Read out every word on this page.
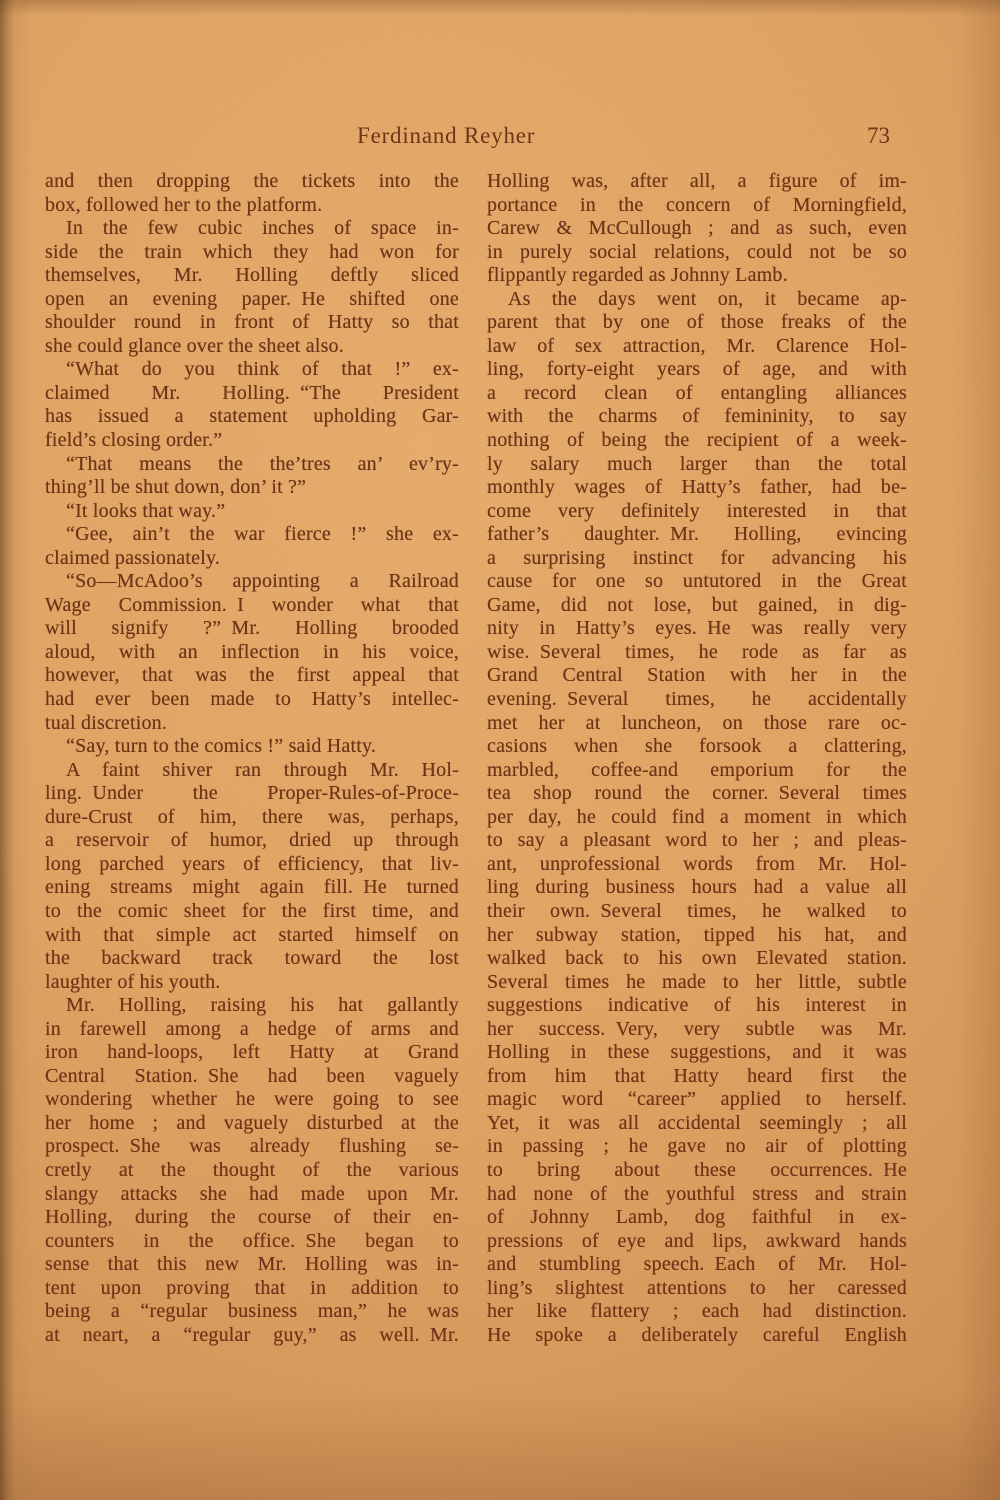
Ferdinand Reyher	73
and then dropping the tickets into the
box, followed her to the platform.
In the few cubic inches of space in-
side the train which they had won for
themselves, Mr. Holling deftly sliced
open an evening paper. He shifted one
shoulder round in front of Hatty so that
she could glance over the sheet also.
“What do you think of that !” ex-
claimed Mr. Holling. “The President
has issued a statement upholding Gar-
field’s closing order.”
“That means the the’tres an’ ev’ry-
thing’ll be shut down, don’ it ?”
“It looks that way.”
“Gee, ain’t the war fierce !” she ex-
claimed passionately.
“So—McAdoo’s appointing a Railroad
Wage Commission. I wonder what that
will signify ?” Mr. Holling brooded
aloud, with an inflection in his voice,
however, that was the first appeal that
had ever been made to Hatty’s intellec-
tual discretion.
“Say, turn to the comics !” said Hatty.
A faint shiver ran through Mr. Hol-
ling. Under the Proper-Rules-of-Proce-
dure-Crust of him, there was, perhaps,
a reservoir of humor, dried up through
long parched years of efficiency, that liv-
ening streams might again fill. He turned
to the comic sheet for the first time, and
with that simple act started himself on
the backward track toward the lost
laughter of his youth.
Mr. Holling, raising his hat gallantly
in farewell among a hedge of arms and
iron hand-loops, left Hatty at Grand
Central Station. She had been vaguely
wondering whether he were going to see
her home ; and vaguely disturbed at the
prospect. She was already flushing se-
cretly at the thought of the various
slangy attacks she had made upon Mr.
Holling, during the course of their en-
counters in the office. She began to
sense that this new Mr. Holling was in-
tent upon proving that in addition to
being a “regular business man,” he was
at neart, a “regular guy,” as well. Mr.
Holling was, after all, a figure of im-
portance in the concern of Morningfield,
Carew & McCullough ; and as such, even
in purely social relations, could not be so
flippantly regarded as Johnny Lamb.
As the days went on, it became ap-
parent that by one of those freaks of the
law of sex attraction, Mr. Clarence Hol-
ling, forty-eight years of age, and with
a record clean of entangling alliances
with the charms of femininity, to say
nothing of being the recipient of a week-
ly salary much larger than the total
monthly wages of Hatty’s father, had be-
come very definitely interested in that
father’s daughter. Mr. Holling, evincing
a surprising instinct for advancing his
cause for one so untutored in the Great
Game, did not lose, but gained, in dig-
nity in Hatty’s eyes. He was really very
wise. Several times, he rode as far as
Grand Central Station with her in the
evening. Several times, he accidentally
met her at luncheon, on those rare oc-
casions when she forsook a clattering,
marbled, coffee-and emporium for the
tea shop round the corner. Several times
per day, he could find a moment in which
to say a pleasant word to her ; and pleas-
ant, unprofessional words from Mr. Hol-
ling during business hours had a value all
their own. Several times, he walked to
her subway station, tipped his hat, and
walked back to his own Elevated station.
Several times he made to her little, subtle
suggestions indicative of his interest in
her success. Very, very subtle was Mr.
Holling in these suggestions, and it was
from him that Hatty heard first the
magic word “career” applied to herself.
Yet, it was all accidental seemingly ; all
in passing ; he gave no air of plotting
to bring about these occurrences. He
had none of the youthful stress and strain
of Johnny Lamb, dog faithful in ex-
pressions of eye and lips, awkward hands
and stumbling speech. Each of Mr. Hol-
ling’s slightest attentions to her caressed
her like flattery ; each had distinction.
He spoke a deliberately careful English
